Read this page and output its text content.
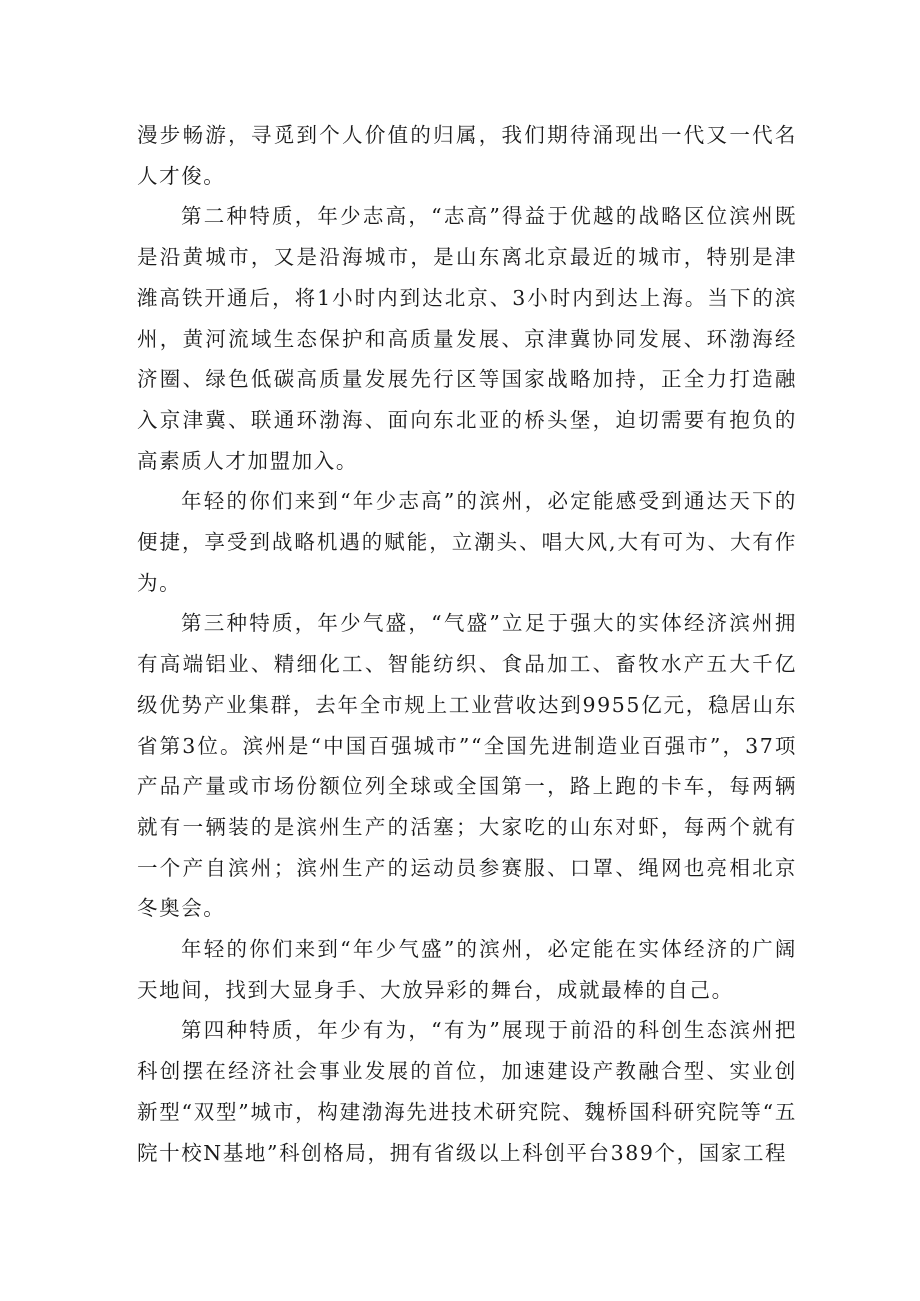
漫步畅游，寻觅到个人价值的归属，我们期待涌现出一代又一代名人才俊。

第二种特质，年少志高，“志高”得益于优越的战略区位滨州既是沿黄城市，又是沿海城市，是山东离北京最近的城市，特别是津潍高铁开通后，将1小时内到达北京、3小时内到达上海。当下的滨州，黄河流域生态保护和高质量发展、京津冀协同发展、环渤海经济圈、绿色低碳高质量发展先行区等国家战略加持，正全力打造融入京津冀、联通环渤海、面向东北亚的桥头堡，迫切需要有抱负的高素质人才加盟加入。

年轻的你们来到“年少志高”的滨州，必定能感受到通达天下的便捷，享受到战略机遇的赋能，立潮头、唱大风,大有可为、大有作为。

第三种特质，年少气盛，“气盛”立足于强大的实体经济滨州拥有高端铝业、精细化工、智能纺织、食品加工、畜牧水产五大千亿级优势产业集群，去年全市规上工业营收达到9955亿元，稳居山东省第3位。滨州是“中国百强城市”“全国先进制造业百强市”，37项产品产量或市场份额位列全球或全国第一，路上跑的卡车，每两辆就有一辆装的是滨州生产的活塞；大家吃的山东对虾，每两个就有一个产自滨州；滨州生产的运动员参赛服、口罩、绳网也亮相北京冬奥会。

年轻的你们来到“年少气盛”的滨州，必定能在实体经济的广阔天地间，找到大显身手、大放异彩的舞台，成就最棒的自己。

第四种特质，年少有为，“有为”展现于前沿的科创生态滨州把科创摆在经济社会事业发展的首位，加速建设产教融合型、实业创新型“双型”城市，构建渤海先进技术研究院、魏桥国科研究院等“五院十校N基地”科创格局，拥有省级以上科创平台389个，国家工程
